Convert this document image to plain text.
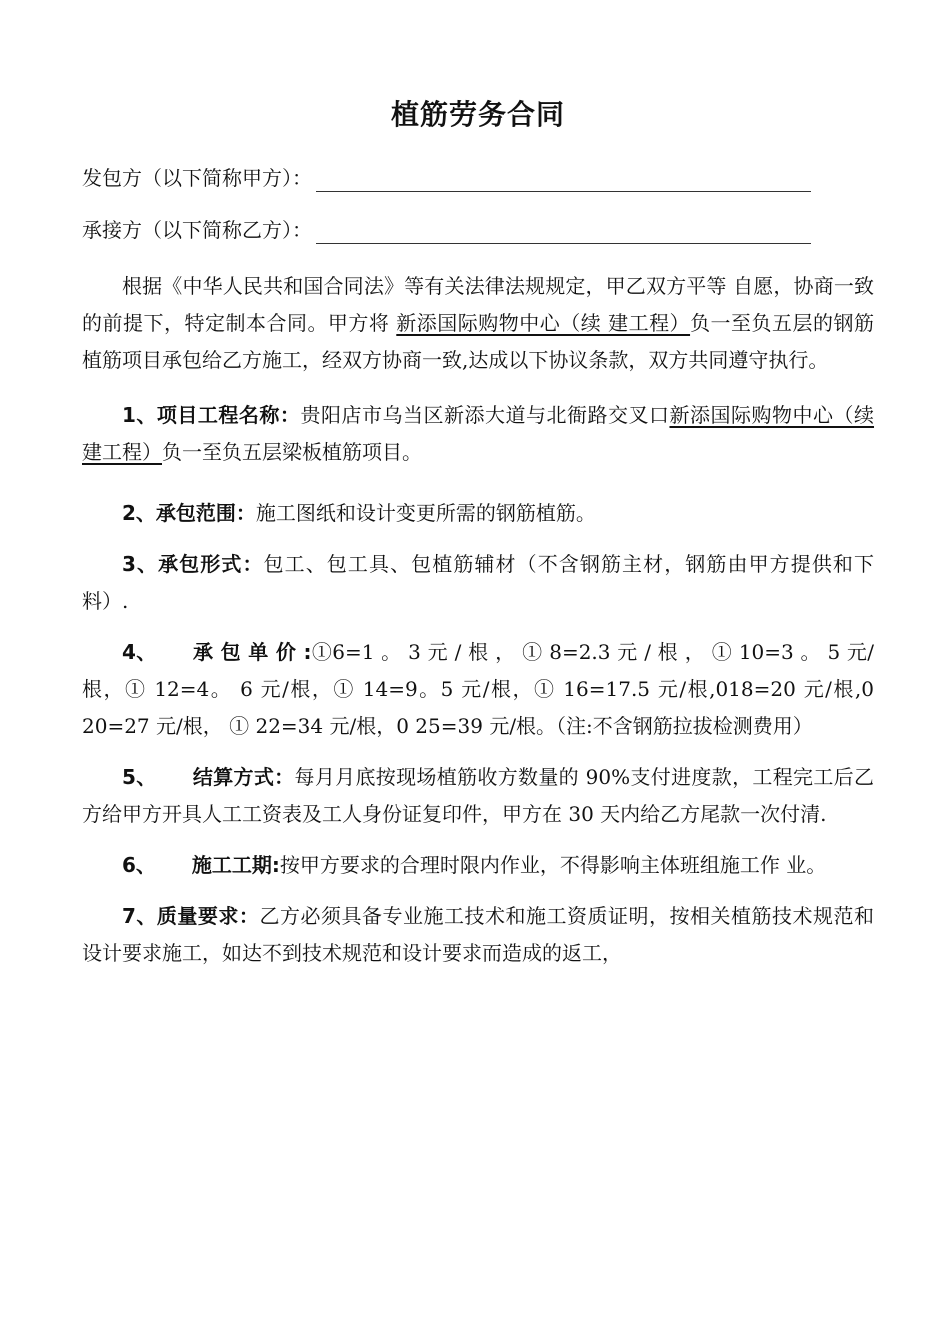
植筋劳务合同
发包方（以下简称甲方）：
承接方（以下简称乙方）：

根据《中华人民共和国合同法》等有关法律法规规定，甲乙双方平等 自愿，协商一致的前提下，特定制本合同。甲方将 新添国际购物中心（续 建工程）负一至负五层的钢筋植筋项目承包给乙方施工，经双方协商一致,达成以下协议条款，双方共同遵守执行。

1、项目工程名称：贵阳店市乌当区新添大道与北衙路交叉口新添国际购物中心（续建工程）负一至负五层梁板植筋项目。

2、承包范围：施工图纸和设计变更所需的钢筋植筋。

3、承包形式：包工、包工具、包植筋辅材（不含钢筋主材，钢筋由甲方提供和下料）.

4、 承 包 单 价 :①6=1 。 3 元 / 根 ， ① 8=2.3 元 / 根 ， ① 10=3 。 5 元/根，① 12=4。 6 元/根，① 14=9。5 元/根，① 16=17.5 元/根,018=20 元/根,0 20=27 元/根， ① 22=34 元/根，0 25=39 元/根。（注:不含钢筋拉拔检测费用）

5、 结算方式：每月月底按现场植筋收方数量的 90%支付进度款，工程完工后乙方给甲方开具人工工资表及工人身份证复印件，甲方在 30 天内给乙方尾款一次付清.

6、 施工工期:按甲方要求的合理时限内作业，不得影响主体班组施工作 业。

7、质量要求：乙方必须具备专业施工技术和施工资质证明，按相关植筋技术规范和设计要求施工，如达不到技术规范和设计要求而造成的返工，
